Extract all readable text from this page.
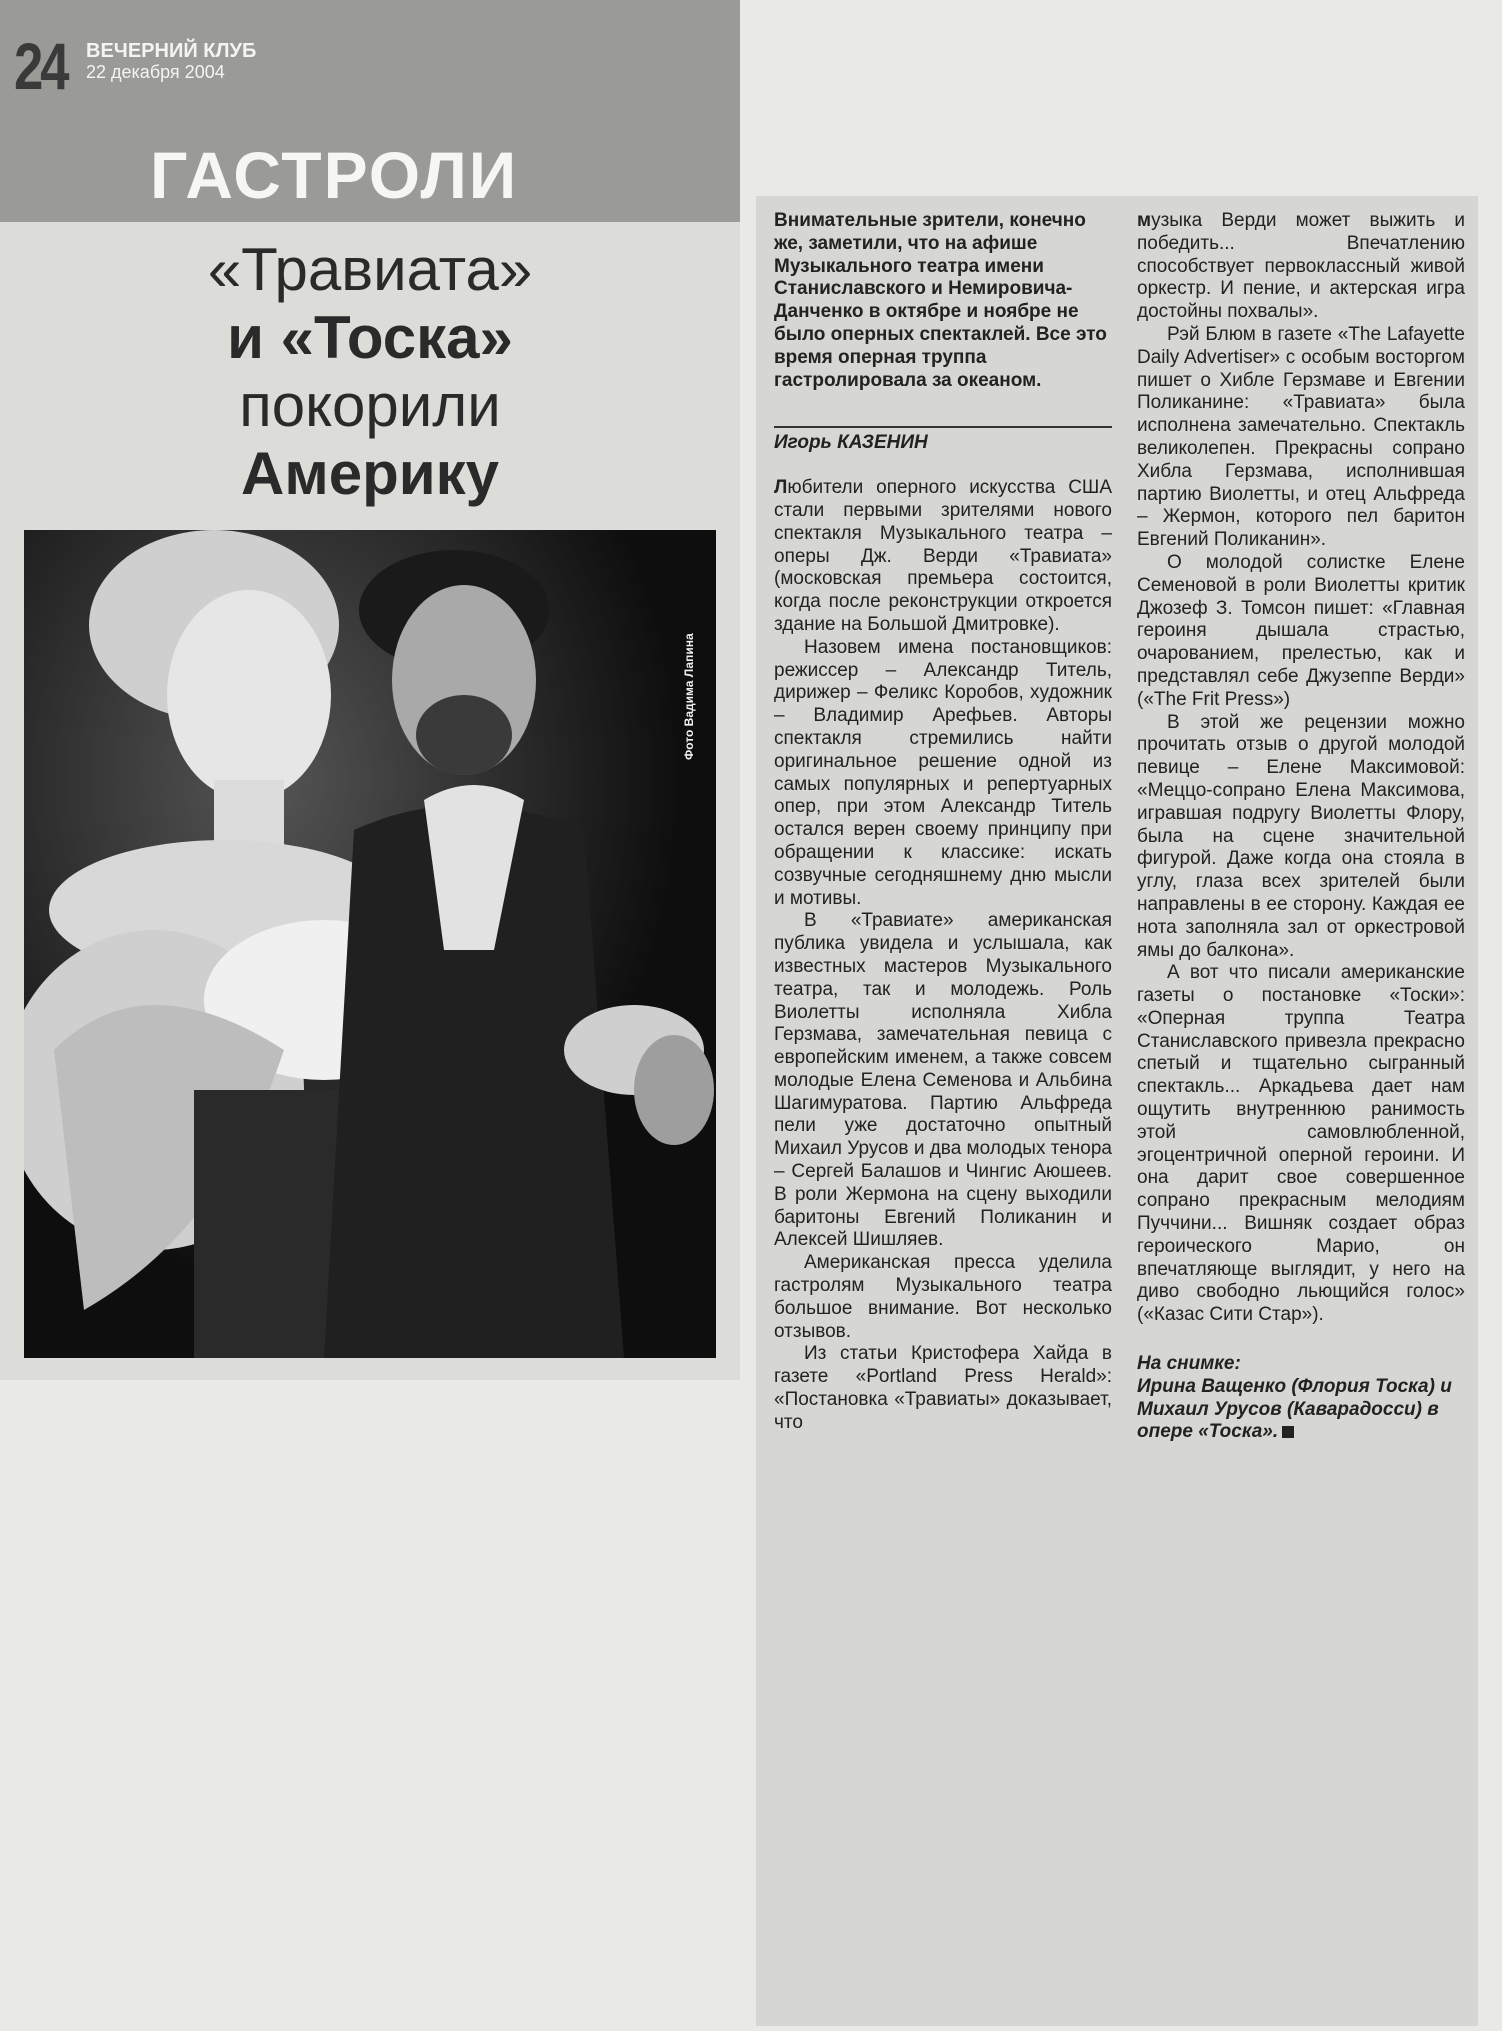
24 ВЕЧЕРНИЙ КЛУБ
22 декабря 2004
ГАСТРОЛИ
«Травиата»
и «Тоска»
покорили
Америку
Фото Вадима Лапина
Внимательные зрители, конечно же, заметили, что на афише Музыкального театра имени Станиславского и Немировича-Данченко в октябре и ноябре не было оперных спектаклей. Все это время оперная труппа гастролировала за океаном.
Игорь КАЗЕНИН

Любители оперного искусства США стали первыми зрителями нового спектакля Музыкального театра – оперы Дж. Верди «Травиата» (московская премьера состоится, когда после реконструкции откроется здание на Большой Дмитровке).

Назовем имена постановщиков: режиссер – Александр Титель, дирижер – Феликс Коробов, художник – Владимир Арефьев. Авторы спектакля стремились найти оригинальное решение одной из самых популярных и репертуарных опер, при этом Александр Титель остался верен своему принципу при обращении к классике: искать созвучные сегодняшнему дню мысли и мотивы.

В «Травиате» американская публика увидела и услышала, как известных мастеров Музыкального театра, так и молодежь. Роль Виолетты исполняла Хибла Герзмава, замечательная певица с европейским именем, а также совсем молодые Елена Семенова и Альбина Шагимуратова. Партию Альфреда пели уже достаточно опытный Михаил Урусов и два молодых тенора – Сергей Балашов и Чингис Аюшеев. В роли Жермона на сцену выходили баритоны Евгений Поликанин и Алексей Шишляев.

Американская пресса уделила гастролям Музыкального театра большое внимание. Вот несколько отзывов.

Из статьи Кристофера Хайда в газете «Portland Press Herald»: «Постановка «Травиаты» доказывает, что

музыка Верди может выжить и победить... Впечатлению способствует первоклассный живой оркестр. И пение, и актерская игра достойны похвалы».

Рэй Блюм в газете «The Lafayette Daily Advertiser» с особым восторгом пишет о Хибле Герзмаве и Евгении Поликанине: «Травиата» была исполнена замечательно. Спектакль великолепен. Прекрасны сопрано Хибла Герзмава, исполнившая партию Виолетты, и отец Альфреда – Жермон, которого пел баритон Евгений Поликанин».

О молодой солистке Елене Семеновой в роли Виолетты критик Джозеф З. Томсон пишет: «Главная героиня дышала страстью, очарованием, прелестью, как и представлял себе Джузеппе Верди» («The Frit Press»)

В этой же рецензии можно прочитать отзыв о другой молодой певице – Елене Максимовой: «Меццо-сопрано Елена Максимова, игравшая подругу Виолетты Флору, была на сцене значительной фигурой. Даже когда она стояла в углу, глаза всех зрителей были направлены в ее сторону. Каждая ее нота заполняла зал от оркестровой ямы до балкона».

А вот что писали американские газеты о постановке «Тоски»: «Оперная труппа Театра Станиславского привезла прекрасно спетый и тщательно сыгранный спектакль... Аркадьева дает нам ощутить внутреннюю ранимость этой самовлюбленной, эгоцентричной оперной героини. И она дарит свое совершенное сопрано прекрасным мелодиям Пуччини... Вишняк создает образ героического Марио, он впечатляюще выглядит, у него на диво свободно льющийся голос» («Казас Сити Стар»).

На снимке:
Ирина Ващенко (Флория Тоска) и Михаил Урусов (Каварадосси) в опере «Тоска».
